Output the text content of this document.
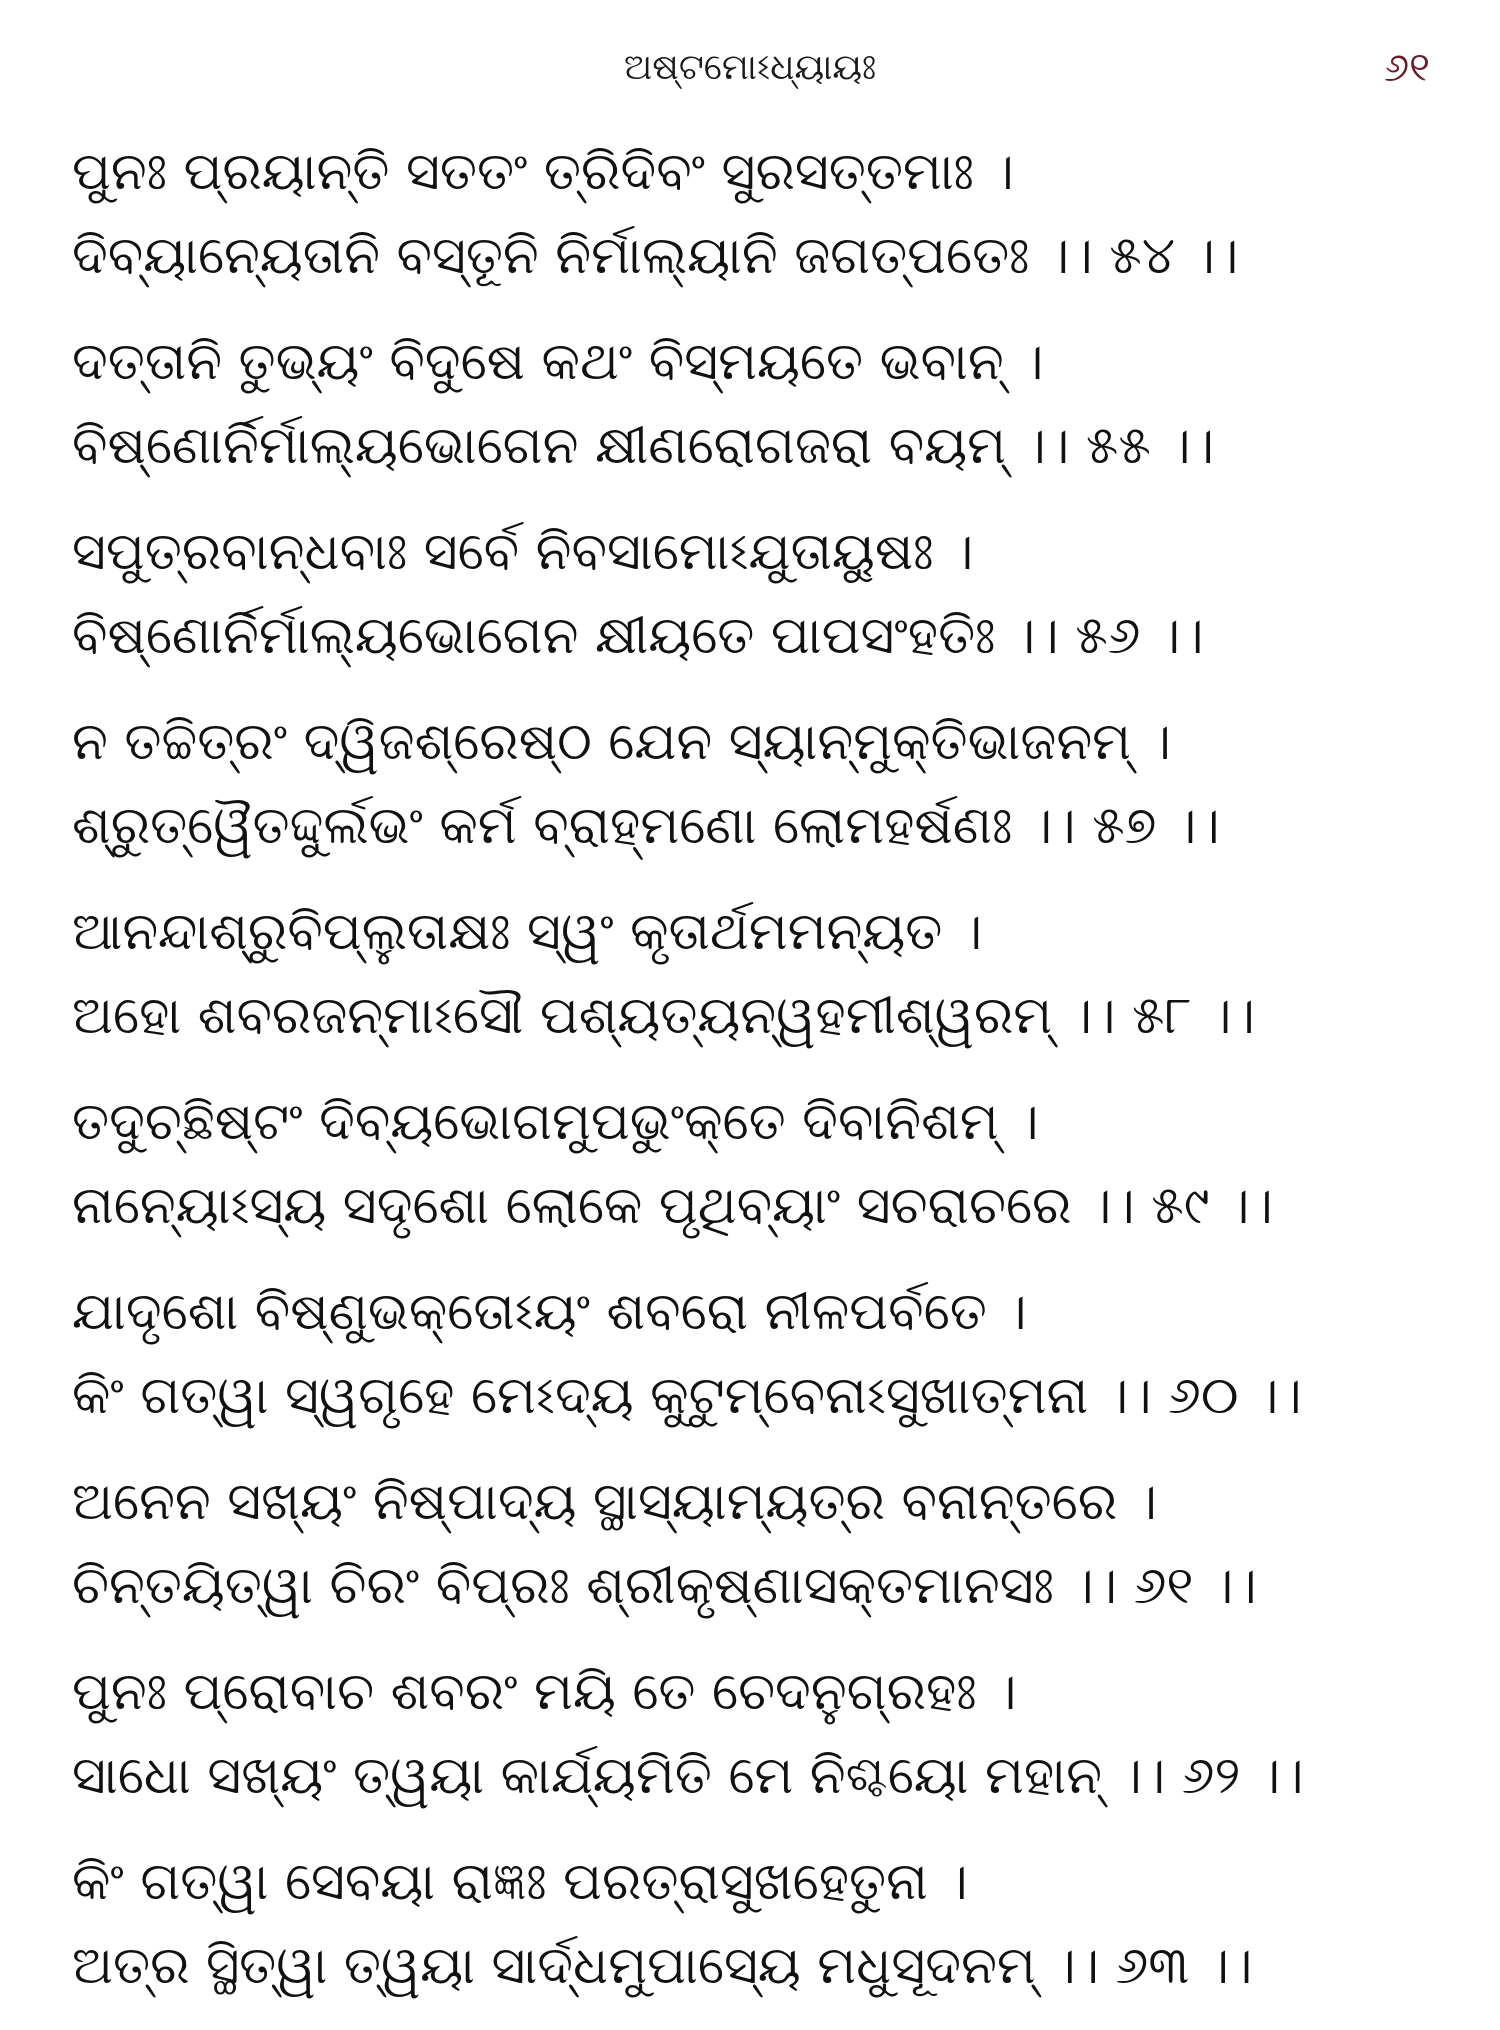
ଅଷ୍ଟମୋଽଧ୍ୟାୟଃ	୬୧
ପୁନଃ ପ୍ରୟାନ୍ତି ସତତଂ ତ୍ରିଦିବଂ ସୁରସତ୍ତମାଃ ।
ଦିବ୍ୟାନ୍ୟେତାନି ବସ୍ତୂନି ନିର୍ମାଲ୍ୟାନି ଜଗତ୍ପତେଃ ।। ୫୪ ।।
ଦତ୍ତାନି ତୁଭ୍ୟଂ ବିଦୁଷେ କଥଂ ବିସ୍ମୟତେ ଭବାନ୍ ।
ବିଷ୍ଣୋର୍ନିର୍ମାଲ୍ୟଭୋଗେନ କ୍ଷୀଣରୋଗଜରା ବୟମ୍ ।। ୫୫ ।।
ସପୁତ୍ରବାନ୍ଧବାଃ ସର୍ବେ ନିବସାମୋଽଯୁତାୟୁଷଃ ।
ବିଷ୍ଣୋର୍ନିର୍ମାଲ୍ୟଭୋଗେନ କ୍ଷୀୟତେ ପାପସଂହତିଃ ।। ୫୬ ।।
ନ ତଚ୍ଚିତ୍ରଂ ଦ୍ୱିଜଶ୍ରେଷ୍ଠ ଯେନ ସ୍ୟାନ୍ମୁକ୍ତିଭାଜନମ୍ ।
ଶ୍ରୁତ୍ୱୈତଦ୍ଦୁର୍ଲଭଂ କର୍ମ ବ୍ରାହ୍ମଣୋ ଲୋମହର୍ଷଣଃ ।। ୫୭ ।।
ଆନନ୍ଦାଶ୍ରୁବିପ୍ଲୁତାକ୍ଷଃ ସ୍ୱଂ କୃତାର୍ଥମମନ୍ୟତ ।
ଅହୋ ଶବରଜନ୍ମାଽସୌ ପଶ୍ୟତ୍ୟନ୍ୱହମୀଶ୍ୱରମ୍ ।। ୫୮ ।।
ତଦୁଚ୍ଛିଷ୍ଟଂ ଦିବ୍ୟଭୋଗମୁପଭୁଂକ୍ତେ ଦିବାନିଶମ୍ ।
ନାନ୍ୟୋଽସ୍ୟ ସଦୃଶୋ ଲୋକେ ପୃଥିବ୍ୟାଂ ସଚରାଚରେ ।। ୫୯ ।।
ଯାଦୃଶୋ ବିଷ୍ଣୁଭକ୍ତୋଽୟଂ ଶବରୋ ନୀଳପର୍ବତେ ।
କିଂ ଗତ୍ୱା ସ୍ୱଗୃହେ ମେଽଦ୍ୟ କୁଟୁମ୍ବେନାଽସୁଖାତ୍ମନା ।। ୬୦ ।।
ଅନେନ ସଖ୍ୟଂ ନିଷ୍ପାଦ୍ୟ ସ୍ଥାସ୍ୟାମ୍ୟତ୍ର ବନାନ୍ତରେ ।
ଚିନ୍ତୟିତ୍ୱା ଚିରଂ ବିପ୍ରଃ ଶ୍ରୀକୃଷ୍ଣାସକ୍ତମାନସଃ ।। ୬୧ ।।
ପୁନଃ ପ୍ରୋବାଚ ଶବରଂ ମୟି ତେ ଚେଦନୁଗ୍ରହଃ ।
ସାଧୋ ସଖ୍ୟଂ ତ୍ୱୟା କାର୍ଯ୍ୟମିତି ମେ ନିଶ୍ଚୟୋ ମହାନ୍ ।। ୬୨ ।।
କିଂ ଗତ୍ୱା ସେବୟା ରାଜ୍ଞଃ ପରତ୍ରାସୁଖହେତୁନା ।
ଅତ୍ର ସ୍ଥିତ୍ୱା ତ୍ୱୟା ସାର୍ଦ୍ଧମୁପାସ୍ୟେ ମଧୁସୂଦନମ୍ ।। ୬୩ ।।
